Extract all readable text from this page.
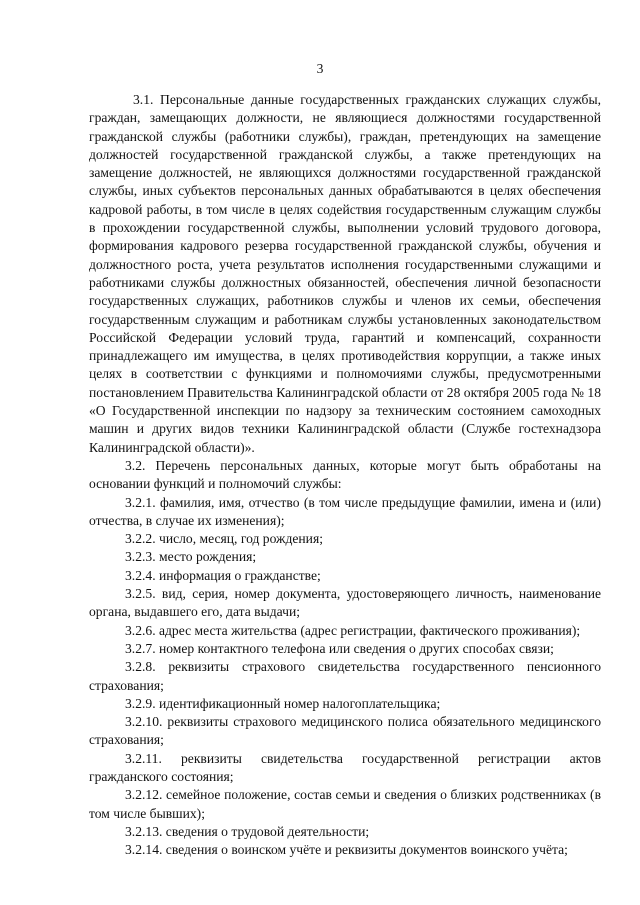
3

3.1. Персональные данные государственных гражданских служащих службы, граждан, замещающих должности, не являющиеся должностями государственной гражданской службы (работники службы), граждан, претендующих на замещение должностей государственной гражданской службы, а также претендующих на замещение должностей, не являющихся должностями государственной гражданской службы, иных субъектов персональных данных обрабатываются в целях обеспечения кадровой работы, в том числе в целях содействия государственным служащим службы в прохождении государственной службы, выполнении условий трудового договора, формирования кадрового резерва государственной гражданской службы, обучения и должностного роста, учета результатов исполнения государственными служащими и работниками службы должностных обязанностей, обеспечения личной безопасности государственных служащих, работников службы и членов их семьи, обеспечения государственным служащим и работникам службы установленных законодательством Российской Федерации условий труда, гарантий и компенсаций, сохранности принадлежащего им имущества, в целях противодействия коррупции, а также иных целях в соответствии с функциями и полномочиями службы, предусмотренными постановлением Правительства Калининградской области от 28 октября 2005 года № 18 «О Государственной инспекции по надзору за техническим состоянием самоходных машин и других видов техники Калининградской области (Службе гостехнадзора Калининградской области)».

3.2. Перечень персональных данных, которые могут быть обработаны на основании функций и полномочий службы:

3.2.1. фамилия, имя, отчество (в том числе предыдущие фамилии, имена и (или) отчества, в случае их изменения);

3.2.2. число, месяц, год рождения;

3.2.3. место рождения;

3.2.4. информация о гражданстве;

3.2.5. вид, серия, номер документа, удостоверяющего личность, наименование органа, выдавшего его, дата выдачи;

3.2.6. адрес места жительства (адрес регистрации, фактического проживания);

3.2.7. номер контактного телефона или сведения о других способах связи;

3.2.8. реквизиты страхового свидетельства государственного пенсионного страхования;

3.2.9. идентификационный номер налогоплательщика;

3.2.10. реквизиты страхового медицинского полиса обязательного медицинского страхования;

3.2.11. реквизиты свидетельства государственной регистрации актов гражданского состояния;

3.2.12. семейное положение, состав семьи и сведения о близких родственниках (в том числе бывших);

3.2.13. сведения о трудовой деятельности;

3.2.14. сведения о воинском учёте и реквизиты документов воинского учёта;
